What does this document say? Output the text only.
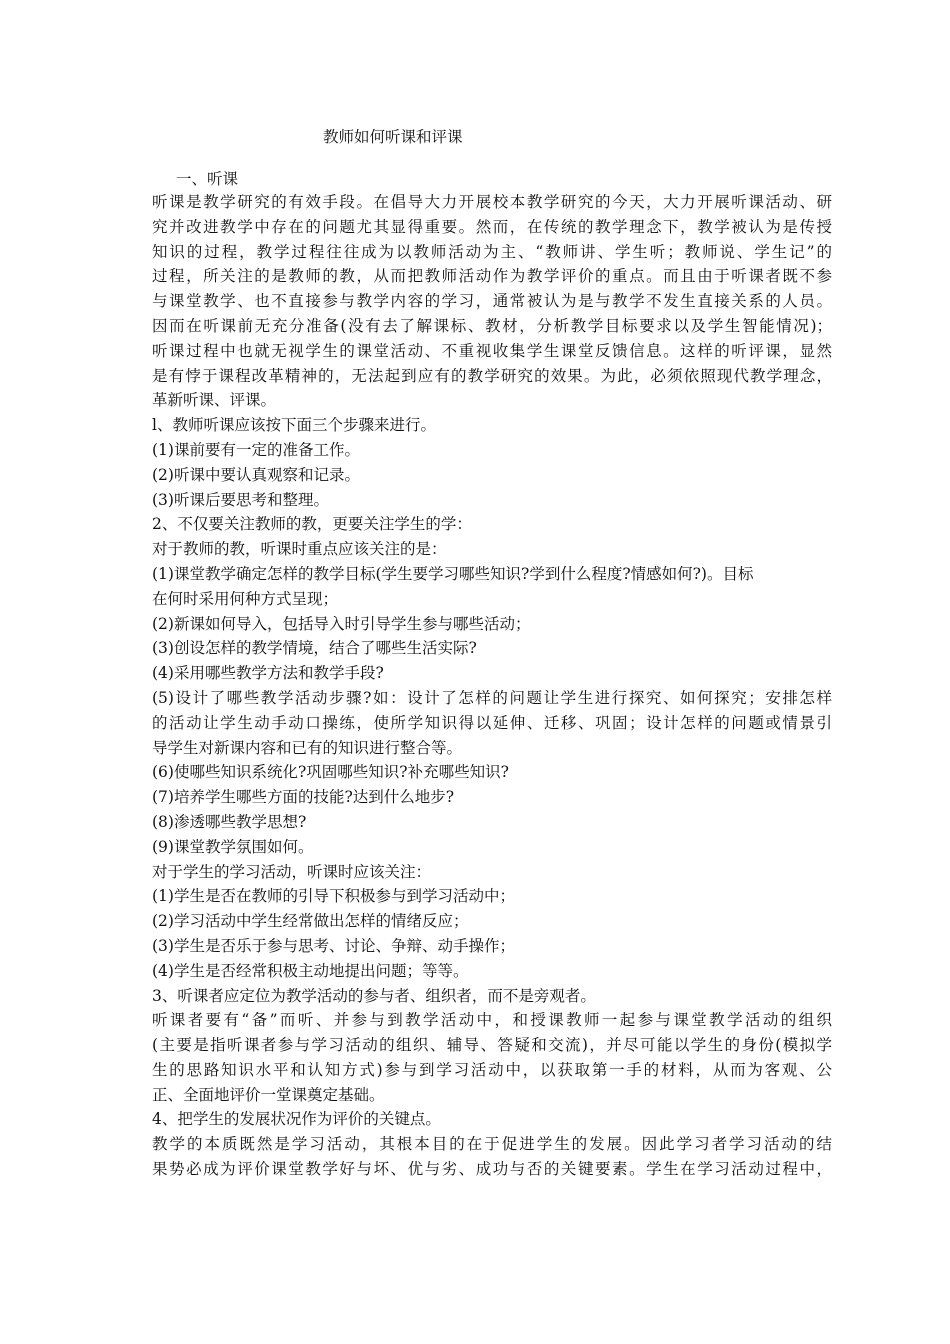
教师如何听课和评课
一、听课
听课是教学研究的有效手段。在倡导大力开展校本教学研究的今天，大力开展听课活动、研
究并改进教学中存在的问题尤其显得重要。然而，在传统的教学理念下，教学被认为是传授
知识的过程，教学过程往往成为以教师活动为主、“教师讲、学生听；教师说、学生记”的
过程，所关注的是教师的教，从而把教师活动作为教学评价的重点。而且由于听课者既不参
与课堂教学、也不直接参与教学内容的学习，通常被认为是与教学不发生直接关系的人员。
因而在听课前无充分准备(没有去了解课标、教材，分析教学目标要求以及学生智能情况)；
听课过程中也就无视学生的课堂活动、不重视收集学生课堂反馈信息。这样的听评课，显然
是有悖于课程改革精神的，无法起到应有的教学研究的效果。为此，必须依照现代教学理念，
革新听课、评课。
l、教师听课应该按下面三个步骤来进行。
(1)课前要有一定的准备工作。
(2)听课中要认真观察和记录。
(3)听课后要思考和整理。
2、不仅要关注教师的教，更要关注学生的学：
对于教师的教，听课时重点应该关注的是：
(1)课堂教学确定怎样的教学目标(学生要学习哪些知识?学到什么程度?情感如何?)。目标
在何时采用何种方式呈现；
(2)新课如何导入，包括导入时引导学生参与哪些活动；
(3)创设怎样的教学情境，结合了哪些生活实际?
(4)采用哪些教学方法和教学手段?
(5)设计了哪些教学活动步骤?如：设计了怎样的问题让学生进行探究、如何探究；安排怎样
的活动让学生动手动口操练，使所学知识得以延伸、迁移、巩固；设计怎样的问题或情景引
导学生对新课内容和已有的知识进行整合等。
(6)使哪些知识系统化?巩固哪些知识?补充哪些知识?
(7)培养学生哪些方面的技能?达到什么地步?
(8)渗透哪些教学思想?
(9)课堂教学氛围如何。
对于学生的学习活动，听课时应该关注：
(1)学生是否在教师的引导下积极参与到学习活动中；
(2)学习活动中学生经常做出怎样的情绪反应；
(3)学生是否乐于参与思考、讨论、争辩、动手操作；
(4)学生是否经常积极主动地提出问题；等等。
3、听课者应定位为教学活动的参与者、组织者，而不是旁观者。
听课者要有“备”而听、并参与到教学活动中，和授课教师一起参与课堂教学活动的组织
(主要是指听课者参与学习活动的组织、辅导、答疑和交流)，并尽可能以学生的身份(模拟学
生的思路知识水平和认知方式)参与到学习活动中，以获取第一手的材料，从而为客观、公
正、全面地评价一堂课奠定基础。
4、把学生的发展状况作为评价的关键点。
教学的本质既然是学习活动，其根本目的在于促进学生的发展。因此学习者学习活动的结
果势必成为评价课堂教学好与坏、优与劣、成功与否的关键要素。学生在学习活动过程中，
